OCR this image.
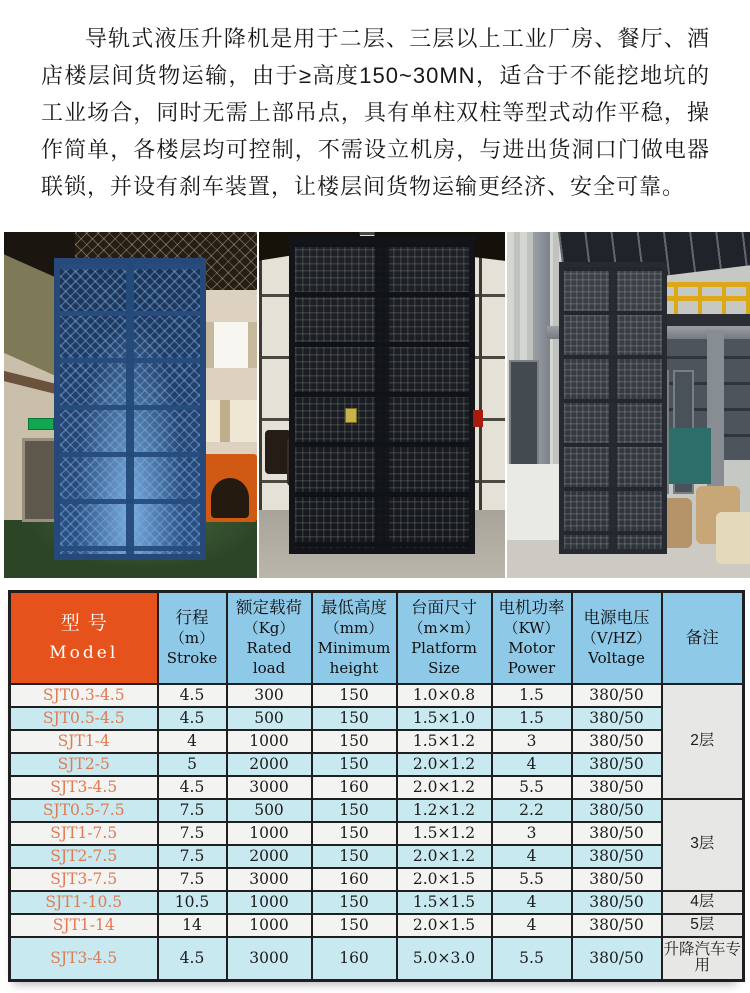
导轨式液压升降机是用于二层、三层以上工业厂房、餐厅、酒店楼层间货物运输，由于≥高度150~30MN，适合于不能挖地坑的工业场合，同时无需上部吊点，具有单柱双柱等型式动作平稳，操作简单，各楼层均可控制，不需设立机房，与进出货洞口门做电器联锁，并设有刹车装置，让楼层间货物运输更经济、安全可靠。

型号
Model

行程
（m）
Stroke

额定载荷
（Kg）
Rated load

最低高度
（mm）
Minimum height

台面尺寸
（m×m）
Platform Size

电机功率
（KW）
Motor Power

电源电压
（V/HZ）
Voltage

备注

SJT0.3-4.5	4.5	300	150	1.0×0.8	1.5	380/50	2层
SJT0.5-4.5	4.5	500	150	1.5×1.0	1.5	380/50	
SJT1-4	4	1000	150	1.5×1.2	3	380/50	
SJT2-5	5	2000	150	2.0×1.2	4	380/50	
SJT3-4.5	4.5	3000	160	2.0×1.2	5.5	380/50	
SJT0.5-7.5	7.5	500	150	1.2×1.2	2.2	380/50	3层
SJT1-7.5	7.5	1000	150	1.5×1.2	3	380/50	
SJT2-7.5	7.5	2000	150	2.0×1.2	4	380/50	
SJT3-7.5	7.5	3000	160	2.0×1.5	5.5	380/50	
SJT1-10.5	10.5	1000	150	1.5×1.5	4	380/50	4层
SJT1-14	14	1000	150	2.0×1.5	4	380/50	5层
SJT3-4.5	4.5	3000	160	5.0×3.0	5.5	380/50	升降汽车专用
